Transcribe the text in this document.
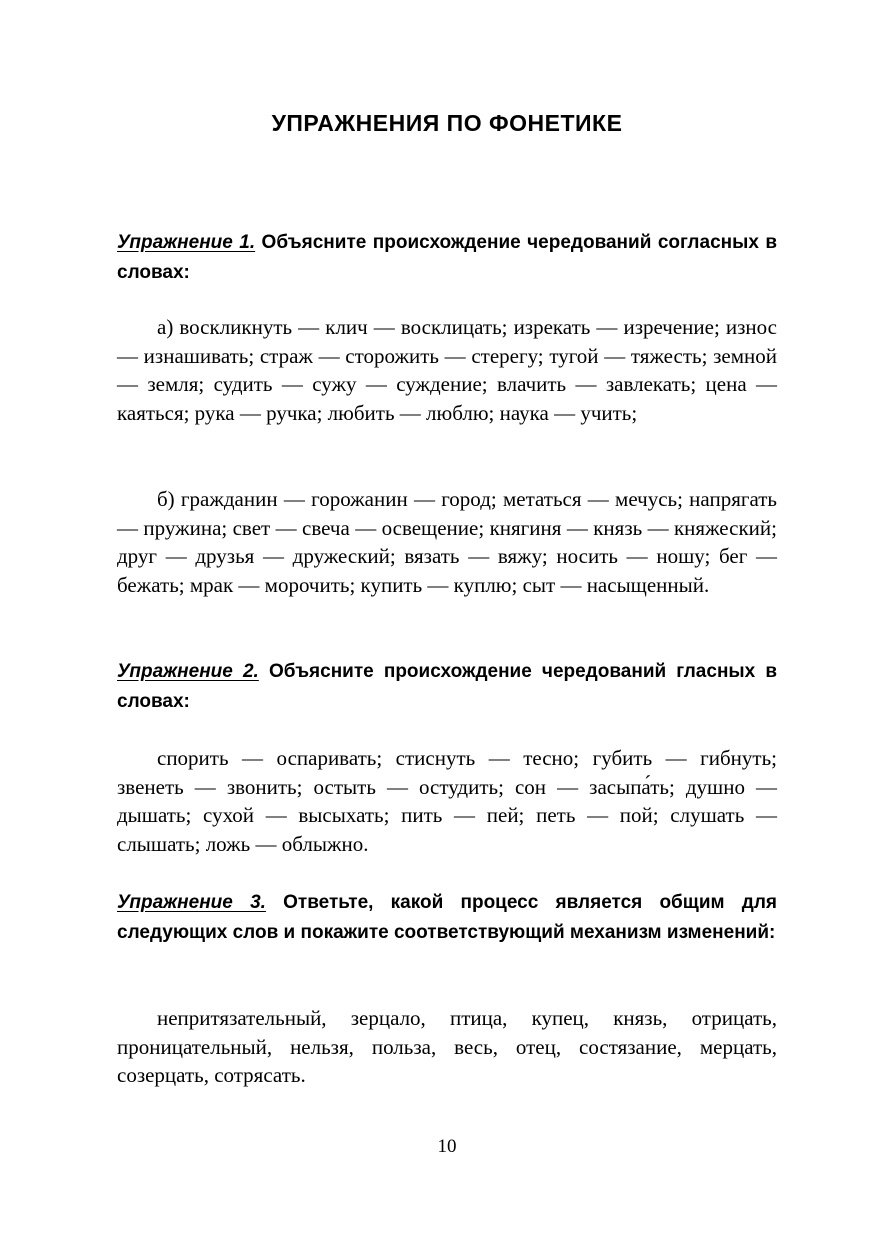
УПРАЖНЕНИЯ ПО ФОНЕТИКЕ

Упражнение 1. Объясните происхождение чередований согласных в словах:

а) воскликнуть — клич — восклицать; изрекать — изречение; износ — изнашивать; страж — сторожить — стерегу; тугой — тяжесть; земной — земля; судить — сужу — суждение; влачить — завлекать; цена — каяться; рука — ручка; любить — люблю; наука — учить;

б) гражданин — горожанин — город; метаться — мечусь; напрягать — пружина; свет — свеча — освещение; княгиня — князь — княжеский; друг — друзья — дружеский; вязать — вяжу; носить — ношу; бег — бежать; мрак — морочить; купить — куплю; сыт — насыщенный.

Упражнение 2. Объясните происхождение чередований гласных в словах:

спорить — оспаривать; стиснуть — тесно; губить — гибнуть; звенеть — звонить; остыть — остудить; сон — засыпа́ть; душно — дышать; сухой — высыхать; пить — пей; петь — пой; слушать — слышать; ложь — облыжно.

Упражнение 3. Ответьте, какой процесс является общим для следующих слов и покажите соответствующий механизм изменений:

непритязательный, зерцало, птица, купец, князь, отрицать, проницательный, нельзя, польза, весь, отец, состязание, мерцать, созерцать, сотрясать.

10
